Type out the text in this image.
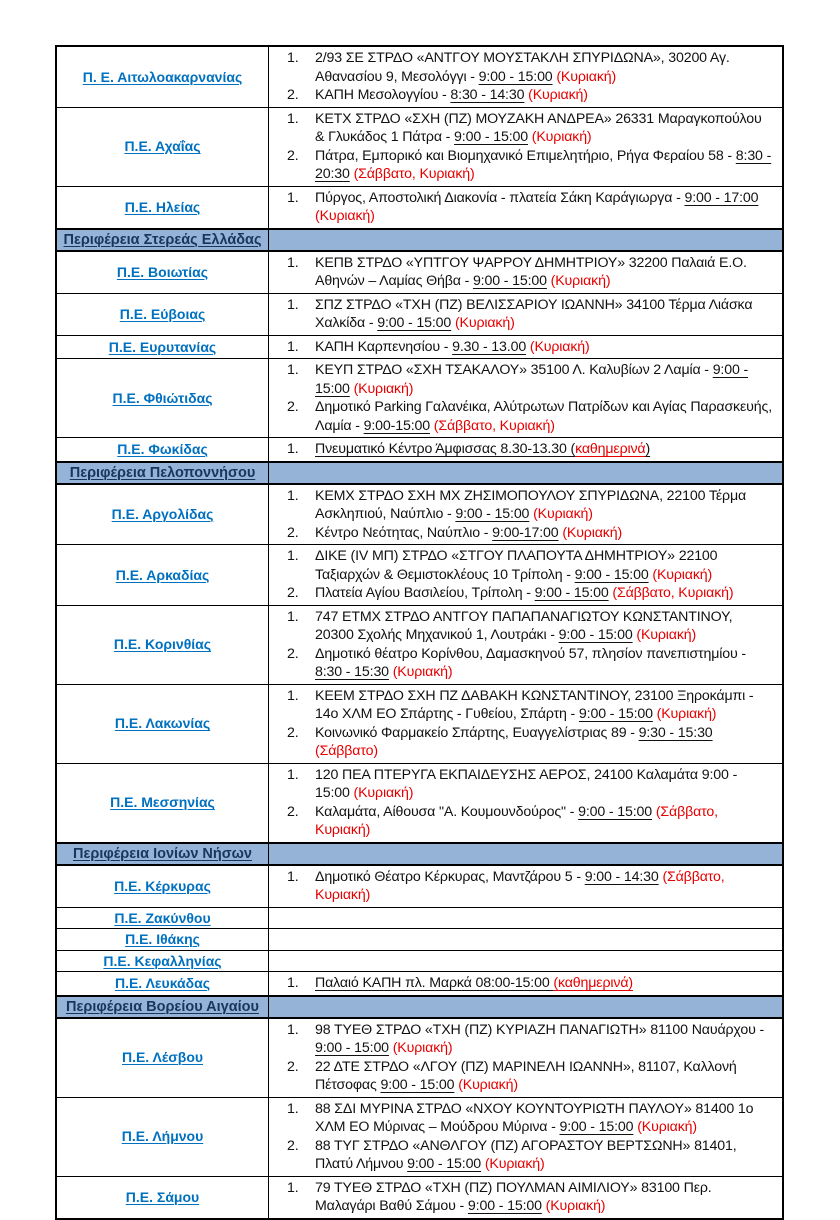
Π. Ε. Αιτωλοακαρνανίας
1.	2/93 ΣΕ ΣΤΡΔΟ «ΑΝΤΓΟΥ ΜΟΥΣΤΑΚΛΗ ΣΠΥΡΙΔΩΝΑ», 30200 Αγ. Αθανασίου 9, Μεσολόγγι - 9:00 - 15:00 (Κυριακή)
2.	ΚΑΠΗ Μεσολογγίου - 8:30 - 14:30 (Κυριακή)
Π.Ε. Αχαΐας
1.	ΚΕΤΧ ΣΤΡΔΟ «ΣΧΗ (ΠΖ) ΜΟΥΖΑΚΗ ΑΝΔΡΕΑ» 26331 Μαραγκοπούλου & Γλυκάδος 1 Πάτρα - 9:00 - 15:00 (Κυριακή)
2.	Πάτρα, Εμπορικό και Βιομηχανικό Επιμελητήριο, Ρήγα Φεραίου 58 - 8:30 - 20:30 (Σάββατο, Κυριακή)
Π.Ε. Ηλείας
1.	Πύργος, Αποστολική Διακονία - πλατεία Σάκη Καράγιωργα - 9:00 - 17:00 (Κυριακή)
Περιφέρεια Στερεάς Ελλάδας
Π.Ε. Βοιωτίας
1.	ΚΕΠΒ ΣΤΡΔΟ «ΥΠΤΓΟΥ ΨΑΡΡΟΥ ΔΗΜΗΤΡΙΟΥ» 32200 Παλαιά Ε.Ο. Αθηνών – Λαμίας Θήβα - 9:00 - 15:00 (Κυριακή)
Π.Ε. Εύβοιας
1.	ΣΠΖ ΣΤΡΔΟ «ΤΧΗ (ΠΖ) ΒΕΛΙΣΣΑΡΙΟΥ ΙΩΑΝΝΗ» 34100 Τέρμα Λιάσκα Χαλκίδα - 9:00 - 15:00 (Κυριακή)
Π.Ε. Ευρυτανίας	1.	ΚΑΠΗ Καρπενησίου - 9.30 - 13.00 (Κυριακή)
Π.Ε. Φθιώτιδας
1.	ΚΕΥΠ ΣΤΡΔΟ «ΣΧΗ ΤΣΑΚΑΛΟΥ» 35100 Λ. Καλυβίων 2 Λαμία - 9:00 - 15:00 (Κυριακή)
2.	Δημοτικό Parking Γαλανέικα, Αλύτρωτων Πατρίδων και Αγίας Παρασκευής, Λαμία - 9:00-15:00 (Σάββατο, Κυριακή)
Π.Ε. Φωκίδας	1.	Πνευματικό Κέντρο Άμφισσας 8.30-13.30 (καθημερινά)
Περιφέρεια Πελοποννήσου
Π.Ε. Αργολίδας
1.	ΚΕΜΧ ΣΤΡΔΟ ΣΧΗ ΜΧ ΖΗΣΙΜΟΠΟΥΛΟΥ ΣΠΥΡΙΔΩΝΑ, 22100 Τέρμα Ασκληπιού, Ναύπλιο - 9:00 - 15:00 (Κυριακή)
2.	Κέντρο Νεότητας, Ναύπλιο - 9:00-17:00 (Κυριακή)
Π.Ε. Αρκαδίας
1.	ΔΙΚΕ (IV ΜΠ) ΣΤΡΔΟ «ΣΤΓΟΥ ΠΛΑΠΟΥΤΑ ΔΗΜΗΤΡΙΟΥ» 22100 Ταξιαρχών & Θεμιστοκλέους 10 Τρίπολη - 9:00 - 15:00 (Κυριακή)
2.	Πλατεία Αγίου Βασιλείου, Τρίπολη - 9:00 - 15:00 (Σάββατο, Κυριακή)
Π.Ε. Κορινθίας
1.	747 ΕΤΜΧ ΣΤΡΔΟ ΑΝΤΓΟΥ ΠΑΠΑΠΑΝΑΓΙΩΤΟΥ ΚΩΝΣΤΑΝΤΙΝΟΥ, 20300 Σχολής Μηχανικού 1, Λουτράκι - 9:00 - 15:00 (Κυριακή)
2.	Δημοτικό θέατρο Κορίνθου, Δαμασκηνού 57, πλησίον πανεπιστημίου - 8:30 - 15:30 (Κυριακή)
Π.Ε. Λακωνίας
1.	ΚΕΕΜ ΣΤΡΔΟ ΣΧΗ ΠΖ ΔΑΒΑΚΗ ΚΩΝΣΤΑΝΤΙΝΟΥ, 23100 Ξηροκάμπι - 14ο ΧΛΜ ΕΟ Σπάρτης - Γυθείου, Σπάρτη - 9:00 - 15:00 (Κυριακή)
2.	Κοινωνικό Φαρμακείο Σπάρτης, Ευαγγελίστριας 89 - 9:30 - 15:30 (Σάββατο)
Π.Ε. Μεσσηνίας
1.	120 ΠΕΑ ΠΤΕΡΥΓΑ ΕΚΠΑΙΔΕΥΣΗΣ ΑΕΡΟΣ, 24100 Καλαμάτα 9:00 - 15:00 (Κυριακή)
2.	Καλαμάτα, Αίθουσα "Α. Κουμουνδούρος" - 9:00 - 15:00 (Σάββατο, Κυριακή)
Περιφέρεια Ιονίων Νήσων
Π.Ε. Κέρκυρας
1.	Δημοτικό Θέατρο Κέρκυρας, Μαντζάρου 5 - 9:00 - 14:30 (Σάββατο, Κυριακή)
Π.Ε. Ζακύνθου
Π.Ε. Ιθάκης
Π.Ε. Κεφαλληνίας
Π.Ε. Λευκάδας	1.	Παλαιό ΚΑΠΗ πλ. Μαρκά 08:00-15:00 (καθημερινά)
Περιφέρεια Βορείου Αιγαίου
Π.Ε. Λέσβου
1.	98 ΤΥΕΘ ΣΤΡΔΟ «ΤΧΗ (ΠΖ) ΚΥΡΙΑΖΗ ΠΑΝΑΓΙΩΤΗ» 81100 Ναυάρχου - 9:00 - 15:00 (Κυριακή)
2.	22 ΔΤΕ ΣΤΡΔΟ «ΛΓΟΥ (ΠΖ) ΜΑΡΙΝΕΛΗ ΙΩΑΝΝΗ», 81107, Καλλονή Πέτσοφας 9:00 - 15:00 (Κυριακή)
Π.Ε. Λήμνου
1.	88 ΣΔΙ ΜΥΡΙΝΑ ΣΤΡΔΟ «ΝΧΟΥ ΚΟΥΝΤΟΥΡΙΩΤΗ ΠΑΥΛΟΥ» 81400 1ο ΧΛΜ ΕΟ Μύρινας – Μούδρου Μύρινα - 9:00 - 15:00 (Κυριακή)
2.	88 ΤΥΓ ΣΤΡΔΟ «ΑΝΘΛΓΟΥ (ΠΖ) ΑΓΟΡΑΣΤΟΥ ΒΕΡΤΣΩΝΗ» 81401, Πλατύ Λήμνου 9:00 - 15:00 (Κυριακή)
Π.Ε. Σάμου
1.	79 ΤΥΕΘ ΣΤΡΔΟ «ΤΧΗ (ΠΖ) ΠΟΥΛΜΑΝ ΑΙΜΙΛΙΟΥ» 83100 Περ. Μαλαγάρι Βαθύ Σάμου - 9:00 - 15:00 (Κυριακή)
